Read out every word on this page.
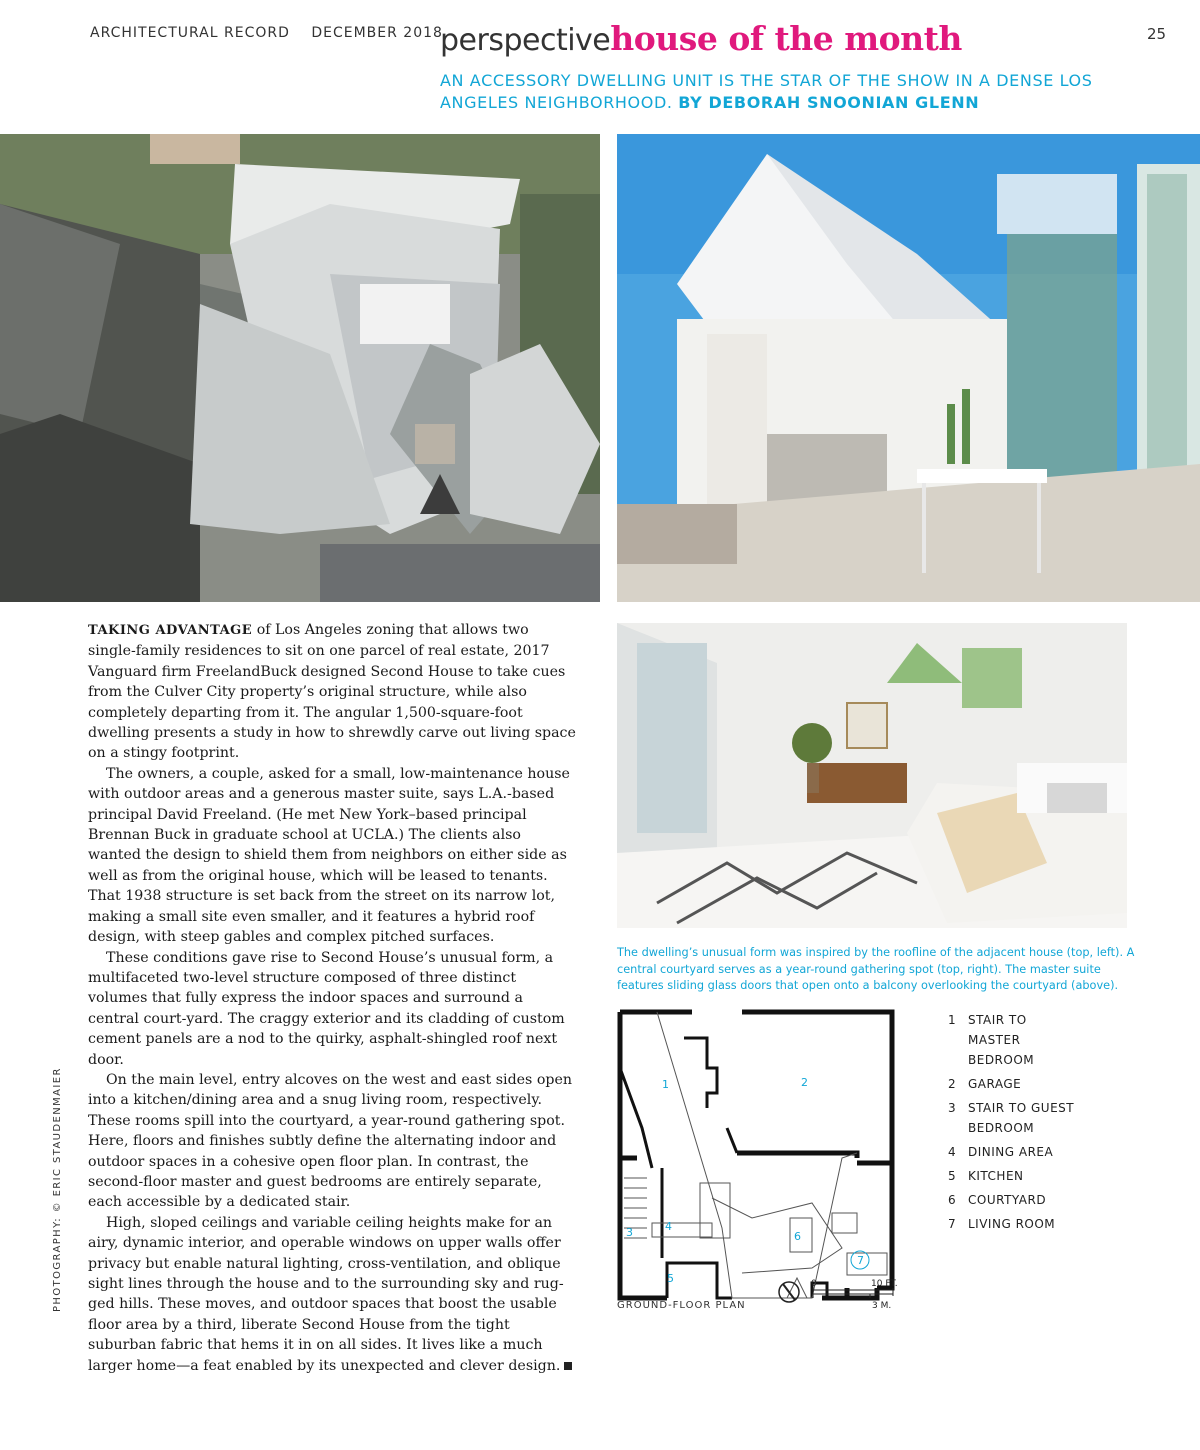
ARCHITECTURAL RECORD DECEMBER 2018
perspectivehouse of the month	25
AN ACCESSORY DWELLING UNIT IS THE STAR OF THE SHOW IN A DENSE LOS ANGELES NEIGHBORHOOD. BY DEBORAH SNOONIAN GLENN

TAKING ADVANTAGE of Los Angeles zoning that allows two single-family residences to sit on one parcel of real estate, 2017 Vanguard firm FreelandBuck designed Second House to take cues from the Culver City property’s original structure, while also completely departing from it. The angular 1,500-square-foot dwelling presents a study in how to shrewdly carve out living space on a stingy footprint.

The owners, a couple, asked for a small, low-maintenance house with outdoor areas and a generous master suite, says L.A.-based principal David Freeland. (He met New York–based principal Brennan Buck in graduate school at UCLA.) The clients also wanted the design to shield them from neighbors on either side as well as from the original house, which will be leased to tenants. That 1938 structure is set back from the street on its narrow lot, making a small site even smaller, and it features a hybrid roof design, with steep gables and complex pitched surfaces.

These conditions gave rise to Second House’s unusual form, a multifaceted two-level structure composed of three distinct volumes that fully express the indoor spaces and surround a central court-yard. The craggy exterior and its cladding of custom cement panels are a nod to the quirky, asphalt-shingled roof next door.

On the main level, entry alcoves on the west and east sides open into a kitchen/dining area and a snug living room, respectively. These rooms spill into the courtyard, a year-round gathering spot. Here, floors and finishes subtly define the alternating indoor and outdoor spaces in a cohesive open floor plan. In contrast, the second-floor master and guest bedrooms are entirely separate, each accessible by a dedicated stair.

High, sloped ceilings and variable ceiling heights make for an airy, dynamic interior, and operable windows on upper walls offer privacy but enable natural lighting, cross-ventilation, and oblique sight lines through the house and to the surrounding sky and rug-ged hills. These moves, and outdoor spaces that boost the usable floor area by a third, liberate Second House from the tight suburban fabric that hems it in on all sides. It lives like a much larger home—a feat enabled by its unexpected and clever design.

PHOTOGRAPHY: © ERIC STAUDENMAIER
The dwelling’s unusual form was inspired by the roofline of the adjacent house (top, left). A central courtyard serves as a year-round gathering spot (top, right). The master suite features sliding glass doors that open onto a balcony overlooking the courtyard (above).
1	2
3	4
5
6
7
0	10 FT.
3 M.
GROUND-FLOOR PLAN
1 STAIR TO MASTER BEDROOM
2 GARAGE
3 STAIR TO GUEST BEDROOM
4 DINING AREA
5 KITCHEN
6 COURTYARD
7 LIVING ROOM
